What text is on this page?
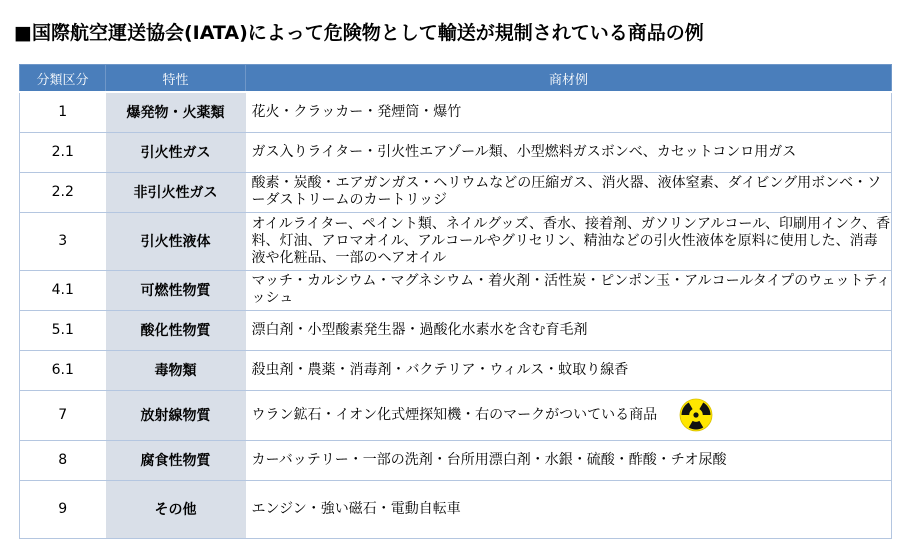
■国際航空運送協会(IATA)によって危険物として輸送が規制されている商品の例
分類区分	特性	商材例
1	爆発物・火薬類	花火・クラッカー・発煙筒・爆竹
2.1	引火性ガス	ガス入りライター・引火性エアゾール類、小型燃料ガスボンベ、カセットコンロ用ガス
2.2	非引火性ガス	酸素・炭酸・エアガンガス・ヘリウムなどの圧縮ガス、消火器、液体窒素、ダイビング用ボンベ・ソーダストリームのカートリッジ
3	引火性液体	オイルライター、ペイント類、ネイルグッズ、香水、接着剤、ガソリンアルコール、印刷用インク、香料、灯油、アロマオイル、アルコールやグリセリン、精油などの引火性液体を原料に使用した、消毒液や化粧品、一部のヘアオイル
4.1	可燃性物質	マッチ・カルシウム・マグネシウム・着火剤・活性炭・ピンポン玉・アルコールタイプのウェットティッシュ
5.1	酸化性物質	漂白剤・小型酸素発生器・過酸化水素水を含む育毛剤
6.1	毒物類	殺虫剤・農薬・消毒剤・バクテリア・ウィルス・蚊取り線香
7	放射線物質	ウラン鉱石・イオン化式煙探知機・右のマークがついている商品

8	腐食性物質	カーバッテリー・一部の洗剤・台所用漂白剤・水銀・硫酸・酢酸・チオ尿酸
9	その他	エンジン・強い磁石・電動自転車
